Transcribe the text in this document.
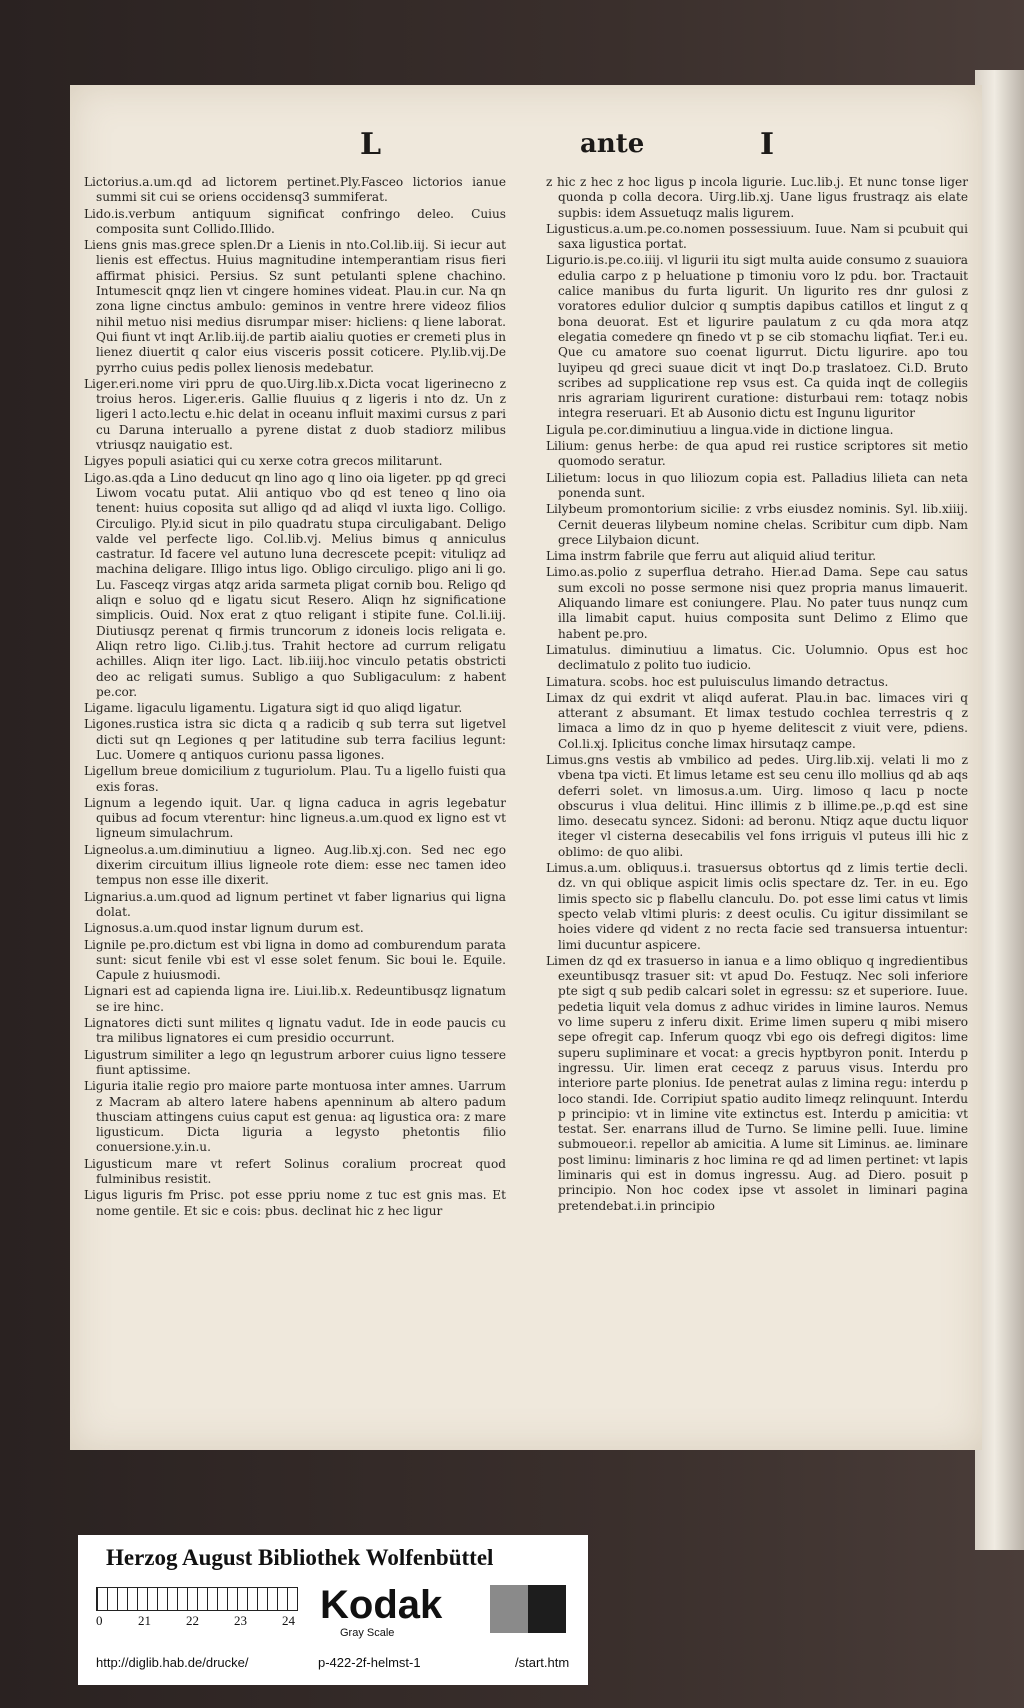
L	ante	I

Lictorius.a.um.qd ad lictorem pertinet.Ply.Fasceo lictorios ianue summi sit cui se oriens occidensq3 summiferat.

Lido.is.verbum antiquum significat confringo deleo. Cuius composita sunt Collido.Illido.

Liens gnis mas.grece splen.Dr a Lienis in nto.Col.lib.iij. Si iecur aut lienis est effectus. Huius magnitudine intemperantiam risus fieri affirmat phisici. Persius. Sz sunt petulanti splene chachino. Intumescit qnqz lien vt cingere homines videat. Plau.in cur. Na qn zona ligne cinctus ambulo: geminos in ventre hrere videoz filios nihil metuo nisi medius disrumpar miser: hicliens: q liene laborat. Qui fiunt vt inqt Ar.lib.iij.de partib aialiu quoties er cremeti plus in lienez diuertit q calor eius visceris possit coticere. Ply.lib.vij.De pyrrho cuius pedis pollex lienosis medebatur.

Liger.eri.nome viri ppru de quo.Uirg.lib.x.Dicta vocat ligerinecno z troius heros. Liger.eris. Gallie fluuius q z ligeris i nto dz. Un z ligeri l acto.lectu e.hic delat in oceanu influit maximi cursus z pari cu Daruna interuallo a pyrene distat z duob stadiorz milibus vtriusqz nauigatio est.

Ligyes populi asiatici qui cu xerxe cotra grecos militarunt.

Ligo.as.qda a Lino deducut qn lino ago q lino oia ligeter. pp qd greci Liwom vocatu putat. Alii antiquo vbo qd est teneo q lino oia tenent: huius coposita sut alligo qd ad aliqd vl iuxta ligo. Colligo. Circuligo. Ply.id sicut in pilo quadratu stupa circuligabant. Deligo valde vel perfecte ligo. Col.lib.vj. Melius bimus q anniculus castratur. Id facere vel autuno luna decrescete pcepit: vituliqz ad machina deligare. Illigo intus ligo. Obligo circuligo. pligo ani li go. Lu. Fasceqz virgas atqz arida sarmeta pligat cornib bou. Religo qd aliqn e soluo qd e ligatu sicut Resero. Aliqn hz significatione simplicis. Ouid. Nox erat z qtuo religant i stipite fune. Col.li.iij. Diutiusqz perenat q firmis truncorum z idoneis locis religata e. Aliqn retro ligo. Ci.lib.j.tus. Trahit hectore ad currum religatu achilles. Aliqn iter ligo. Lact. lib.iiij.hoc vinculo petatis obstricti deo ac religati sumus. Subligo a quo Subligaculum: z habent pe.cor.

Ligame. ligaculu ligamentu. Ligatura sigt id quo aliqd ligatur.

Ligones.rustica istra sic dicta q a radicib q sub terra sut ligetvel dicti sut qn Legiones q per latitudine sub terra facilius legunt: Luc. Uomere q antiquos curionu passa ligones.

Ligellum breue domicilium z tuguriolum. Plau. Tu a ligello fuisti qua exis foras.

Lignum a legendo iquit. Uar. q ligna caduca in agris legebatur quibus ad focum vterentur: hinc ligneus.a.um.quod ex ligno est vt ligneum simulachrum.

Ligneolus.a.um.diminutiuu a ligneo. Aug.lib.xj.con. Sed nec ego dixerim circuitum illius ligneole rote diem: esse nec tamen ideo tempus non esse ille dixerit.

Lignarius.a.um.quod ad lignum pertinet vt faber lignarius qui ligna dolat.

Lignosus.a.um.quod instar lignum durum est.

Lignile pe.pro.dictum est vbi ligna in domo ad comburendum parata sunt: sicut fenile vbi est vl esse solet fenum. Sic boui le. Equile. Capule z huiusmodi.

Lignari est ad capienda ligna ire. Liui.lib.x. Redeuntibusqz lignatum se ire hinc.

Lignatores dicti sunt milites q lignatu vadut. Ide in eode paucis cu tra milibus lignatores ei cum presidio occurrunt.

Ligustrum similiter a lego qn legustrum arborer cuius ligno tessere fiunt aptissime.

Liguria italie regio pro maiore parte montuosa inter amnes. Uarrum z Macram ab altero latere habens apenninum ab altero padum thusciam attingens cuius caput est genua: aq ligustica ora: z mare ligusticum. Dicta liguria a legysto phetontis filio conuersione.y.in.u.

Ligusticum mare vt refert Solinus coralium procreat quod fulminibus resistit.

Ligus liguris fm Prisc. pot esse ppriu nome z tuc est gnis mas. Et nome gentile. Et sic e cois: pbus. declinat hic z hec ligur

z hic z hec z hoc ligus p incola ligurie. Luc.lib.j. Et nunc tonse liger quonda p colla decora. Uirg.lib.xj. Uane ligus frustraqz ais elate supbis: idem Assuetuqz malis ligurem.

Ligusticus.a.um.pe.co.nomen possessiuum. Iuue. Nam si pcubuit qui saxa ligustica portat.

Ligurio.is.pe.co.iiij. vl ligurii itu sigt multa auide consumo z suauiora edulia carpo z p heluatione p timoniu voro lz pdu. bor. Tractauit calice manibus du furta ligurit. Un ligurito res dnr gulosi z voratores edulior dulcior q sumptis dapibus catillos et lingut z q bona deuorat. Est et ligurire paulatum z cu qda mora atqz elegatia comedere qn finedo vt p se cib stomachu liqfiat. Ter.i eu. Que cu amatore suo coenat ligurrut. Dictu ligurire. apo tou luyipeu qd greci suaue dicit vt inqt Do.p traslatoez. Ci.D. Bruto scribes ad supplicatione rep vsus est. Ca quida inqt de collegiis nris agrariam ligurirent curatione: disturbaui rem: totaqz nobis integra reseruari. Et ab Ausonio dictu est Ingunu liguritor

Ligula pe.cor.diminutiuu a lingua.vide in dictione lingua.

Lilium: genus herbe: de qua apud rei rustice scriptores sit metio quomodo seratur.

Lilietum: locus in quo liliozum copia est. Palladius lilieta can neta ponenda sunt.

Lilybeum promontorium sicilie: z vrbs eiusdez nominis. Syl. lib.xiiij. Cernit deueras lilybeum nomine chelas. Scribitur cum dipb. Nam grece Lilybaion dicunt.

Lima instrm fabrile que ferru aut aliquid aliud teritur.

Limo.as.polio z superflua detraho. Hier.ad Dama. Sepe cau satus sum excoli no posse sermone nisi quez propria manus limauerit. Aliquando limare est coniungere. Plau. No pater tuus nunqz cum illa limabit caput. huius composita sunt Delimo z Elimo que habent pe.pro.

Limatulus. diminutiuu a limatus. Cic. Uolumnio. Opus est hoc declimatulo z polito tuo iudicio.

Limatura. scobs. hoc est puluisculus limando detractus.

Limax dz qui exdrit vt aliqd auferat. Plau.in bac. limaces viri q atterant z absumant. Et limax testudo cochlea terrestris q z limaca a limo dz in quo p hyeme delitescit z viuit vere, pdiens. Col.li.xj. Iplicitus conche limax hirsutaqz campe.

Limus.gns vestis ab vmbilico ad pedes. Uirg.lib.xij. velati li mo z vbena tpa victi. Et limus letame est seu cenu illo mollius qd ab aqs deferri solet. vn limosus.a.um. Uirg. limoso q lacu p nocte obscurus i vlua delitui. Hinc illimis z b illime.pe.,p.qd est sine limo. desecatu syncez. Sidoni: ad beronu. Ntiqz aque ductu liquor iteger vl cisterna desecabilis vel fons irriguis vl puteus illi hic z oblimo: de quo alibi.

Limus.a.um. obliquus.i. trasuersus obtortus qd z limis tertie decli. dz. vn qui oblique aspicit limis oclis spectare dz. Ter. in eu. Ego limis specto sic p flabellu clanculu. Do. pot esse limi catus vt limis specto velab vltimi pluris: z deest oculis. Cu igitur dissimilant se hoies videre qd vident z no recta facie sed transuersa intuentur: limi ducuntur aspicere.

Limen dz qd ex trasuerso in ianua e a limo obliquo q ingredientibus exeuntibusqz trasuer sit: vt apud Do. Festuqz. Nec soli inferiore pte sigt q sub pedib calcari solet in egressu: sz et superiore. Iuue. pedetia liquit vela domus z adhuc virides in limine lauros. Nemus vo lime superu z inferu dixit. Erime limen superu q mibi misero sepe ofregit cap. Inferum quoqz vbi ego ois defregi digitos: lime superu supliminare et vocat: a grecis hyptbyron ponit. Interdu p ingressu. Uir. limen erat ceceqz z paruus visus. Interdu pro interiore parte plonius. Ide penetrat aulas z limina regu: interdu p loco standi. Ide. Corripiut spatio audito limeqz relinquunt. Interdu p principio: vt in limine vite extinctus est. Interdu p amicitia: vt testat. Ser. enarrans illud de Turno. Se limine pelli. Iuue. limine submoueor.i. repellor ab amicitia. A lume sit Liminus. ae. liminare post liminu: liminaris z hoc limina re qd ad limen pertinet: vt lapis liminaris qui est in domus ingressu. Aug. ad Diero. posuit p principio. Non hoc codex ipse vt assolet in liminari pagina pretendebat.i.in principio

Herzog August Bibliothek Wolfenbüttel
0	21	22	23	24 Kodak
Gray Scale
http://diglib.hab.de/drucke/	p-422-2f-helmst-1	/start.htm
